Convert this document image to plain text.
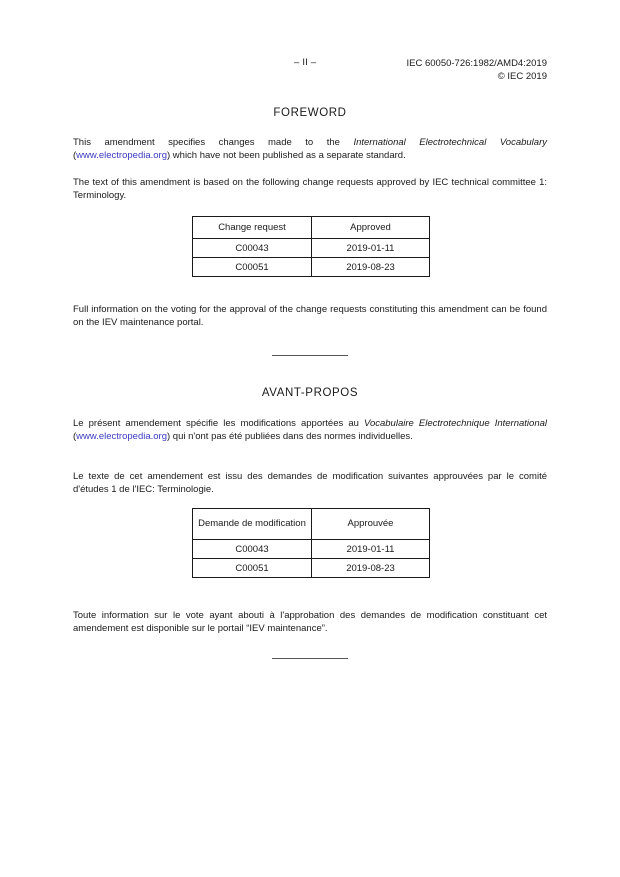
– II –	IEC 60050-726:1982/AMD4:2019
© IEC 2019
FOREWORD
This amendment specifies changes made to the International Electrotechnical Vocabulary (www.electropedia.org) which have not been published as a separate standard.
The text of this amendment is based on the following change requests approved by IEC technical committee 1: Terminology.
Change request	Approved
C00043	2019-01-11
C00051	2019-08-23
Full information on the voting for the approval of the change requests constituting this amendment can be found on the IEV maintenance portal.
AVANT-PROPOS
Le présent amendement spécifie les modifications apportées au Vocabulaire Electrotechnique International (www.electropedia.org) qui n'ont pas été publiées dans des normes individuelles.
Le texte de cet amendement est issu des demandes de modification suivantes approuvées par le comité d'études 1 de l'IEC: Terminologie.
Demande de modification	Approuvée
C00043	2019-01-11
C00051	2019-08-23
Toute information sur le vote ayant abouti à l'approbation des demandes de modification constituant cet amendement est disponible sur le portail “IEV maintenance”.
